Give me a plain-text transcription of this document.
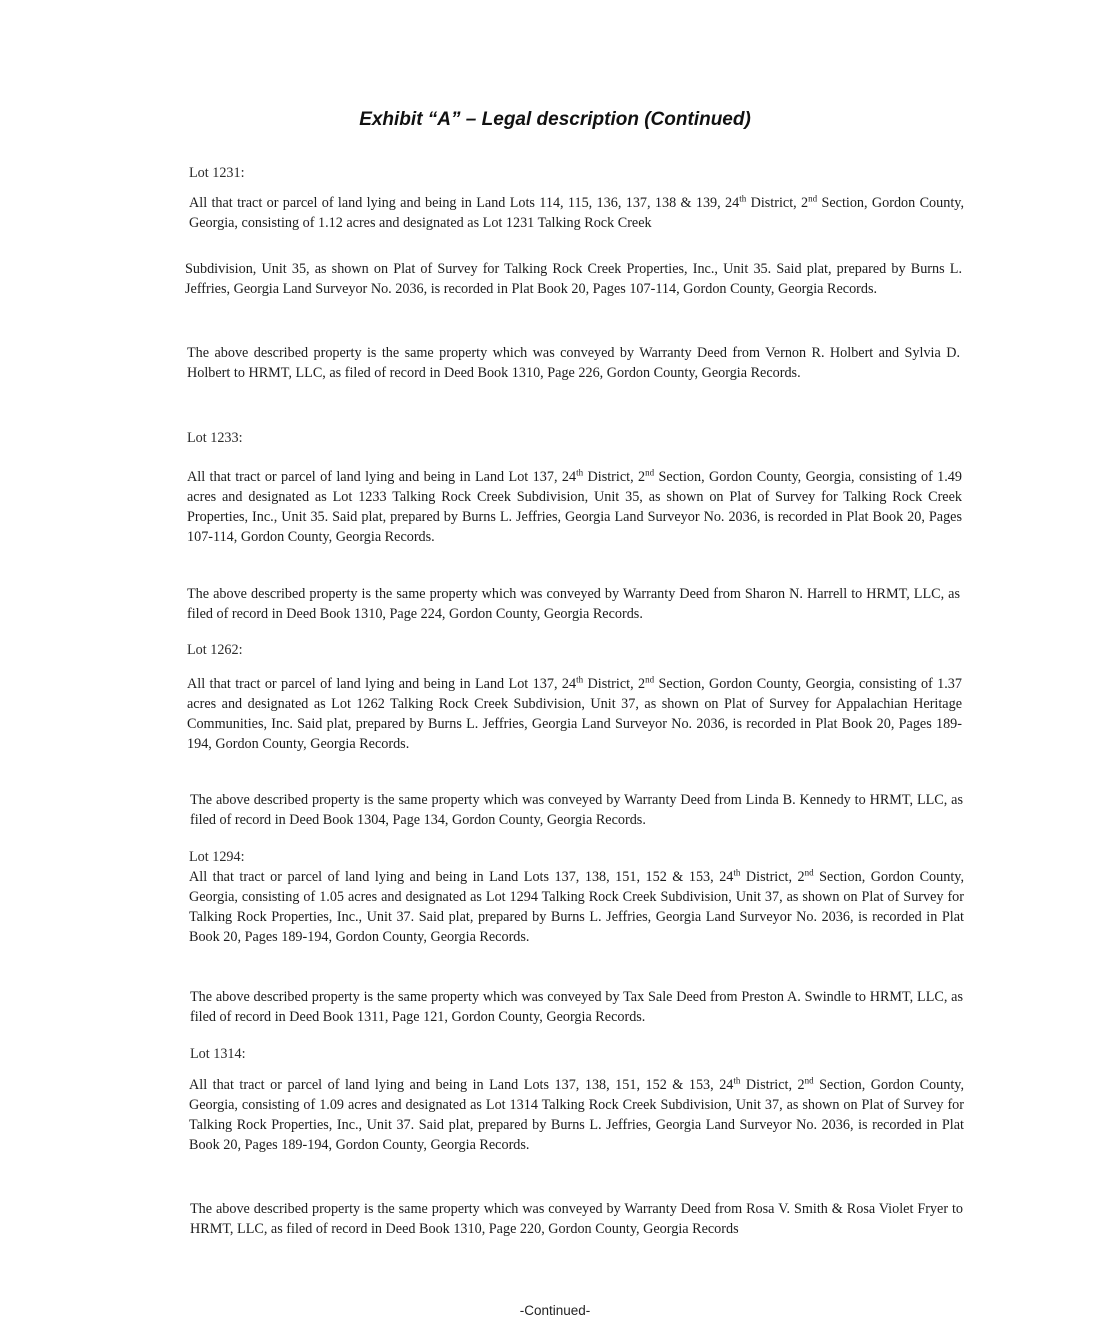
Exhibit “A” – Legal description (Continued)

Lot 1231:

All that tract or parcel of land lying and being in Land Lots 114, 115, 136, 137, 138 & 139, 24th District, 2nd Section, Gordon County, Georgia, consisting of 1.12 acres and designated as Lot 1231 Talking Rock Creek

Subdivision, Unit 35, as shown on Plat of Survey for Talking Rock Creek Properties, Inc., Unit 35. Said plat, prepared by Burns L. Jeffries, Georgia Land Surveyor No. 2036, is recorded in Plat Book 20, Pages 107-114, Gordon County, Georgia Records.

The above described property is the same property which was conveyed by Warranty Deed from Vernon R. Holbert and Sylvia D. Holbert to HRMT, LLC, as filed of record in Deed Book 1310, Page 226, Gordon County, Georgia Records.

Lot 1233:

All that tract or parcel of land lying and being in Land Lot 137, 24th District, 2nd Section, Gordon County, Georgia, consisting of 1.49 acres and designated as Lot 1233 Talking Rock Creek Subdivision, Unit 35, as shown on Plat of Survey for Talking Rock Creek Properties, Inc., Unit 35. Said plat, prepared by Burns L. Jeffries, Georgia Land Surveyor No. 2036, is recorded in Plat Book 20, Pages 107-114, Gordon County, Georgia Records.

The above described property is the same property which was conveyed by Warranty Deed from Sharon N. Harrell to HRMT, LLC, as filed of record in Deed Book 1310, Page 224, Gordon County, Georgia Records.

Lot 1262:

All that tract or parcel of land lying and being in Land Lot 137, 24th District, 2nd Section, Gordon County, Georgia, consisting of 1.37 acres and designated as Lot 1262 Talking Rock Creek Subdivision, Unit 37, as shown on Plat of Survey for Appalachian Heritage Communities, Inc. Said plat, prepared by Burns L. Jeffries, Georgia Land Surveyor No. 2036, is recorded in Plat Book 20, Pages 189-194, Gordon County, Georgia Records.

The above described property is the same property which was conveyed by Warranty Deed from Linda B. Kennedy to HRMT, LLC, as filed of record in Deed Book 1304, Page 134, Gordon County, Georgia Records.

Lot 1294:

All that tract or parcel of land lying and being in Land Lots 137, 138, 151, 152 & 153, 24th District, 2nd Section, Gordon County, Georgia, consisting of 1.05 acres and designated as Lot 1294 Talking Rock Creek Subdivision, Unit 37, as shown on Plat of Survey for Talking Rock Properties, Inc., Unit 37. Said plat, prepared by Burns L. Jeffries, Georgia Land Surveyor No. 2036, is recorded in Plat Book 20, Pages 189-194, Gordon County, Georgia Records.

The above described property is the same property which was conveyed by Tax Sale Deed from Preston A. Swindle to HRMT, LLC, as filed of record in Deed Book 1311, Page 121, Gordon County, Georgia Records.

Lot 1314:

All that tract or parcel of land lying and being in Land Lots 137, 138, 151, 152 & 153, 24th District, 2nd Section, Gordon County, Georgia, consisting of 1.09 acres and designated as Lot 1314 Talking Rock Creek Subdivision, Unit 37, as shown on Plat of Survey for Talking Rock Properties, Inc., Unit 37. Said plat, prepared by Burns L. Jeffries, Georgia Land Surveyor No. 2036, is recorded in Plat Book 20, Pages 189-194, Gordon County, Georgia Records.

The above described property is the same property which was conveyed by Warranty Deed from Rosa V. Smith & Rosa Violet Fryer to HRMT, LLC, as filed of record in Deed Book 1310, Page 220, Gordon County, Georgia Records

-Continued-
